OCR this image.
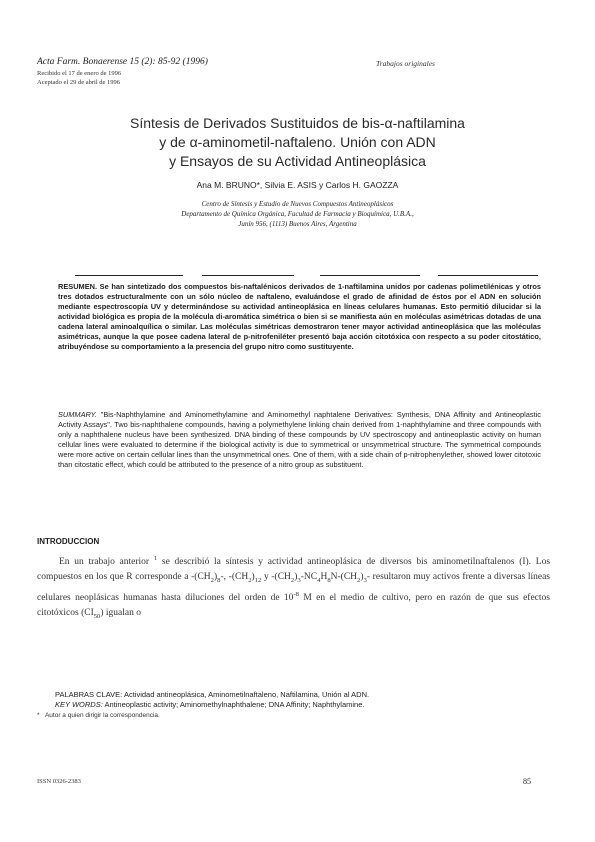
Acta Farm. Bonaerense 15 (2): 85-92 (1996)	Trabajos originales
Recibido el 17 de enero de 1996
Aceptado el 29 de abril de 1996
Síntesis de Derivados Sustituidos de bis-α-naftilamina
y de α-aminometil-naftaleno. Unión con ADN
y Ensayos de su Actividad Antineoplásica
Ana M. BRUNO*, Silvia E. ASIS y Carlos H. GAOZZA
Centro de Síntesis y Estudio de Nuevos Compuestos Antineoplásicos
Departamento de Química Orgánica, Facultad de Farmacia y Bioquímica, U.B.A.,
Junín 956, (1113) Buenos Aires, Argentina
RESUMEN. Se han sintetizado dos compuestos bis-naftalénicos derivados de 1-naftilamina unidos por cadenas polimetilénicas y otros tres dotados estructuralmente con un sólo núcleo de naftaleno, evaluándose el grado de afinidad de éstos por el ADN en solución mediante espectroscopía UV y determinándose su actividad antineoplásica en líneas celulares humanas. Esto permitió dilucidar si la actividad biológica es propia de la molécula di-aromática simétrica o bien si se manifiesta aún en moléculas asimétricas dotadas de una cadena lateral aminoalquílica o similar. Las moléculas simétricas demostraron tener mayor actividad antineoplásica que las moléculas asimétricas, aunque la que posee cadena lateral de p-nitrofeniléter presentó baja acción citotóxica con respecto a su poder citostático, atribuyéndose su comportamiento a la presencia del grupo nitro como sustituyente.
SUMMARY. "Bis-Naphthylamine and Aminomethylamine and Aminomethyl naphtalene Derivatives: Synthesis, DNA Affinity and Antineoplastic Activity Assays". Two bis-naphthalene compounds, having a polymethylene linking chain derived from 1-naphthylamine and three compounds with only a naphthalene nucleus have been synthesized. DNA binding of these compounds by UV spectroscopy and antineoplastic activity on human cellular lines were evaluated to determine if the biological activity is due to symmetrical or unsymmetrical structure. The symmetrical compounds were more active on certain cellular lines than the unsymmetrical ones. One of them, with a side chain of p-nitrophenylether, showed lower citotoxic than citostatic effect, which could be attributed to the presence of a nitro group as substituent.
INTRODUCCION

En un trabajo anterior $^1$ se describió la síntesis y actividad antineoplásica de diversos bis aminometilnaftalenos (I). Los compuestos en los que R corresponde a $-(CH_2)_8-$, $-(CH_2)_{12}$ y $-(CH_2)_3-NC_4H_8N-(CH_2)_3-$ resultaron muy activos frente a diversas líneas celulares neoplásicas humanas hasta diluciones del orden de $10^{-8}$ M en el medio de cultivo, pero en razón de que sus efectos citotóxicos $(CI_{50})$ igualan o

PALABRAS CLAVE: Actividad antineoplásica, Aminometilnaftaleno, Naftilamina, Unión al ADN.

KEY WORDS: Antineoplastic activity; Aminomethylnaphthalene; DNA Affinity; Naphthylamine.

* Autor a quien dirigir la correspondencia.
ISSN 0326-2383	85
